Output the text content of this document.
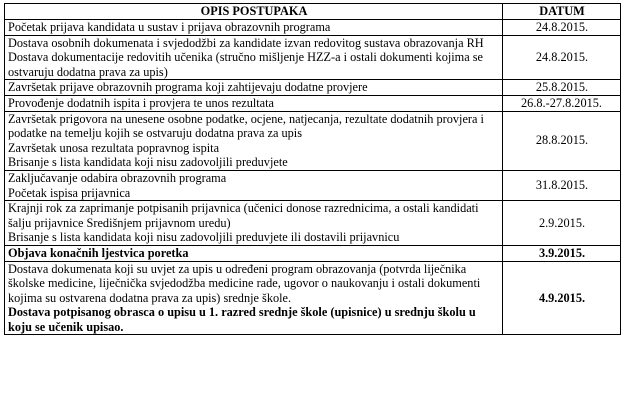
OPIS POSTUPAKA	DATUM

Početak prijava kandidata u sustav i prijava obrazovnih programa	24.8.2015.

Dostava osobnih dokumenata i svjedodžbi za kandidate izvan redovitog sustava obrazovanja RH
Dostava dokumentacije redovitih učenika (stručno mišljenje HZZ-a i ostali dokumenti kojima se ostvaruju dodatna prava za upis)	24.8.2015.

Završetak prijave obrazovnih programa koji zahtijevaju dodatne provjere	25.8.2015.

Provođenje dodatnih ispita i provjera te unos rezultata	26.8.-27.8.2015.

Završetak prigovora na unesene osobne podatke, ocjene, natjecanja, rezultate dodatnih provjera i podatke na temelju kojih se ostvaruju dodatna prava za upis
Završetak unosa rezultata popravnog ispita
Brisanje s lista kandidata koji nisu zadovoljili preduvjete	28.8.2015.

Zaključavanje odabira obrazovnih programa
Početak ispisa prijavnica	31.8.2015.

Krajnji rok za zaprimanje potpisanih prijavnica (učenici donose razrednicima, a ostali kandidati šalju prijavnice Središnjem prijavnom uredu)
Brisanje s lista kandidata koji nisu zadovoljili preduvjete ili dostavili prijavnicu	2.9.2015.

Objava konačnih ljestvica poretka	3.9.2015.

Dostava dokumenata koji su uvjet za upis u određeni program obrazovanja (potvrda liječnika školske medicine, liječnička svjedodžba medicine rade, ugovor o naukovanju i ostali dokumenti kojima su ostvarena dodatna prava za upis) srednje škole.
Dostava potpisanog obrasca o upisu u 1. razred srednje škole (upisnice) u srednju školu u koju se učenik upisao.	4.9.2015.
